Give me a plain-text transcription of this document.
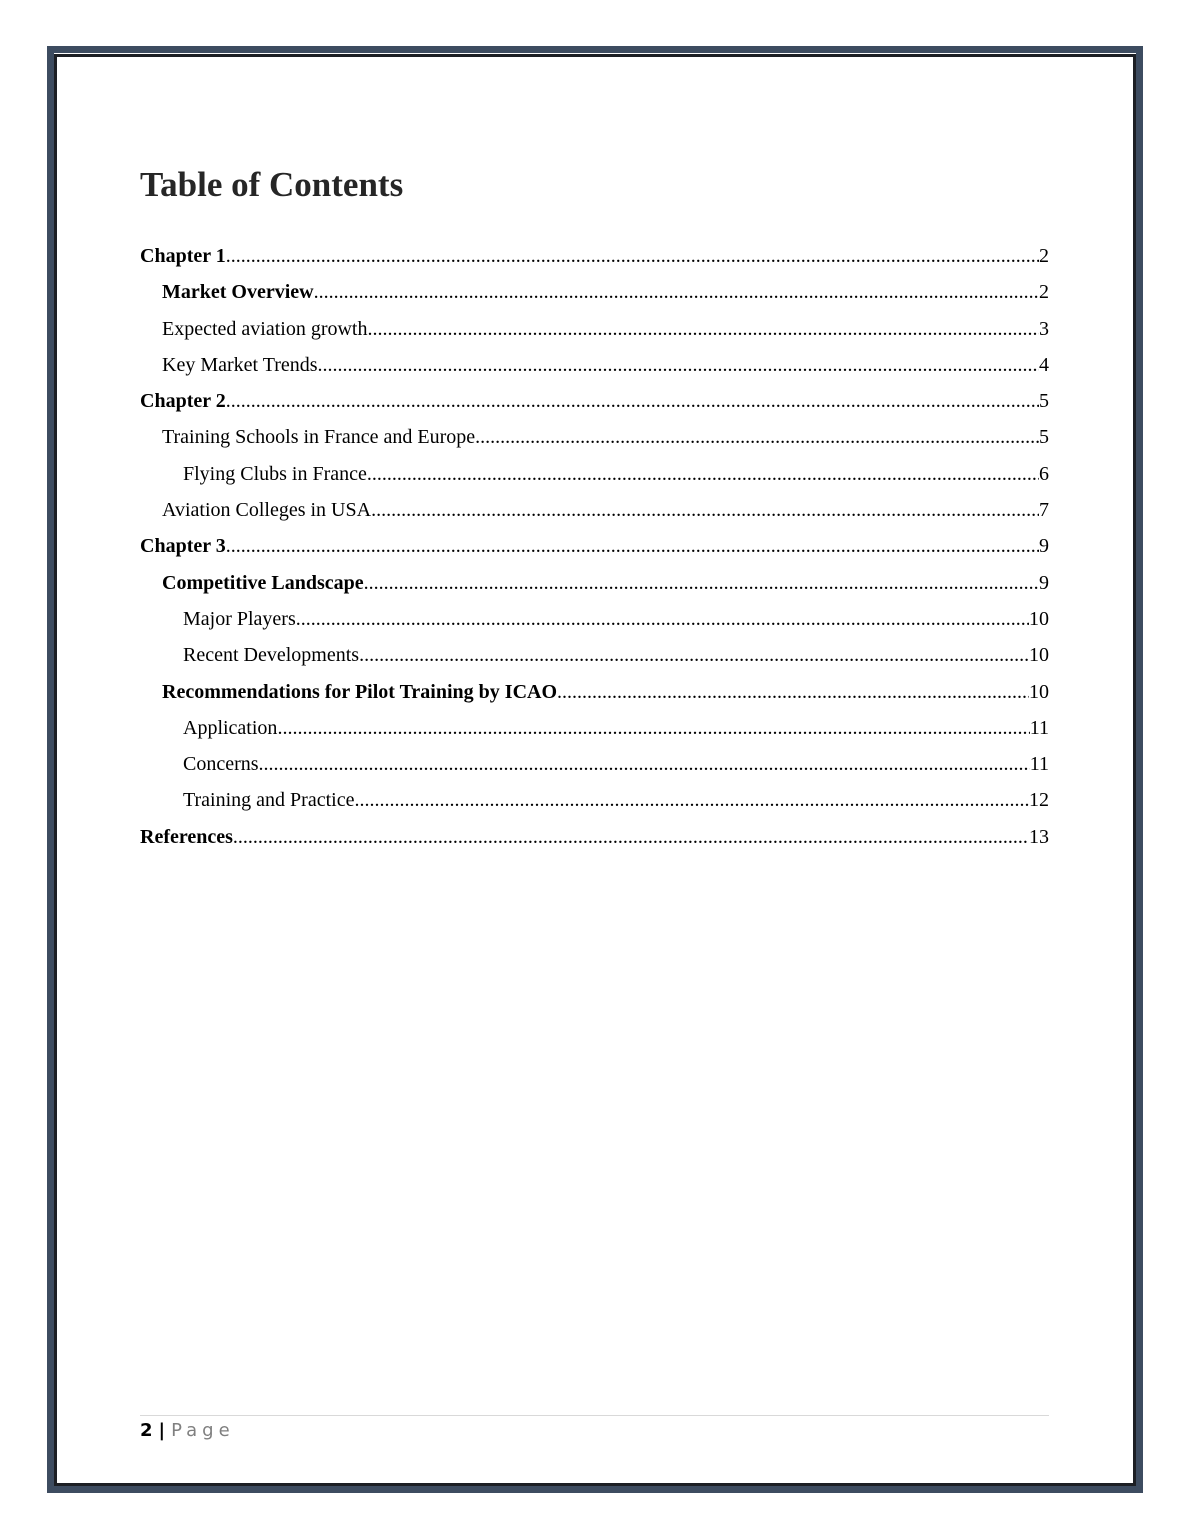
Table of Contents
Chapter 1 .....	2
Market Overview .....	2
Expected aviation growth .....	3
Key Market Trends .....	4
Chapter 2 .....	5
Training Schools in France and Europe .....	5
Flying Clubs in France .....	6
Aviation Colleges in USA .....	7
Chapter 3 .....	9
Competitive Landscape .....	9
Major Players .....	10
Recent Developments .....	10
Recommendations for Pilot Training by ICAO .....	10
Application .....	11
Concerns .....	11
Training and Practice .....	12
References .....	13
2 | Page
